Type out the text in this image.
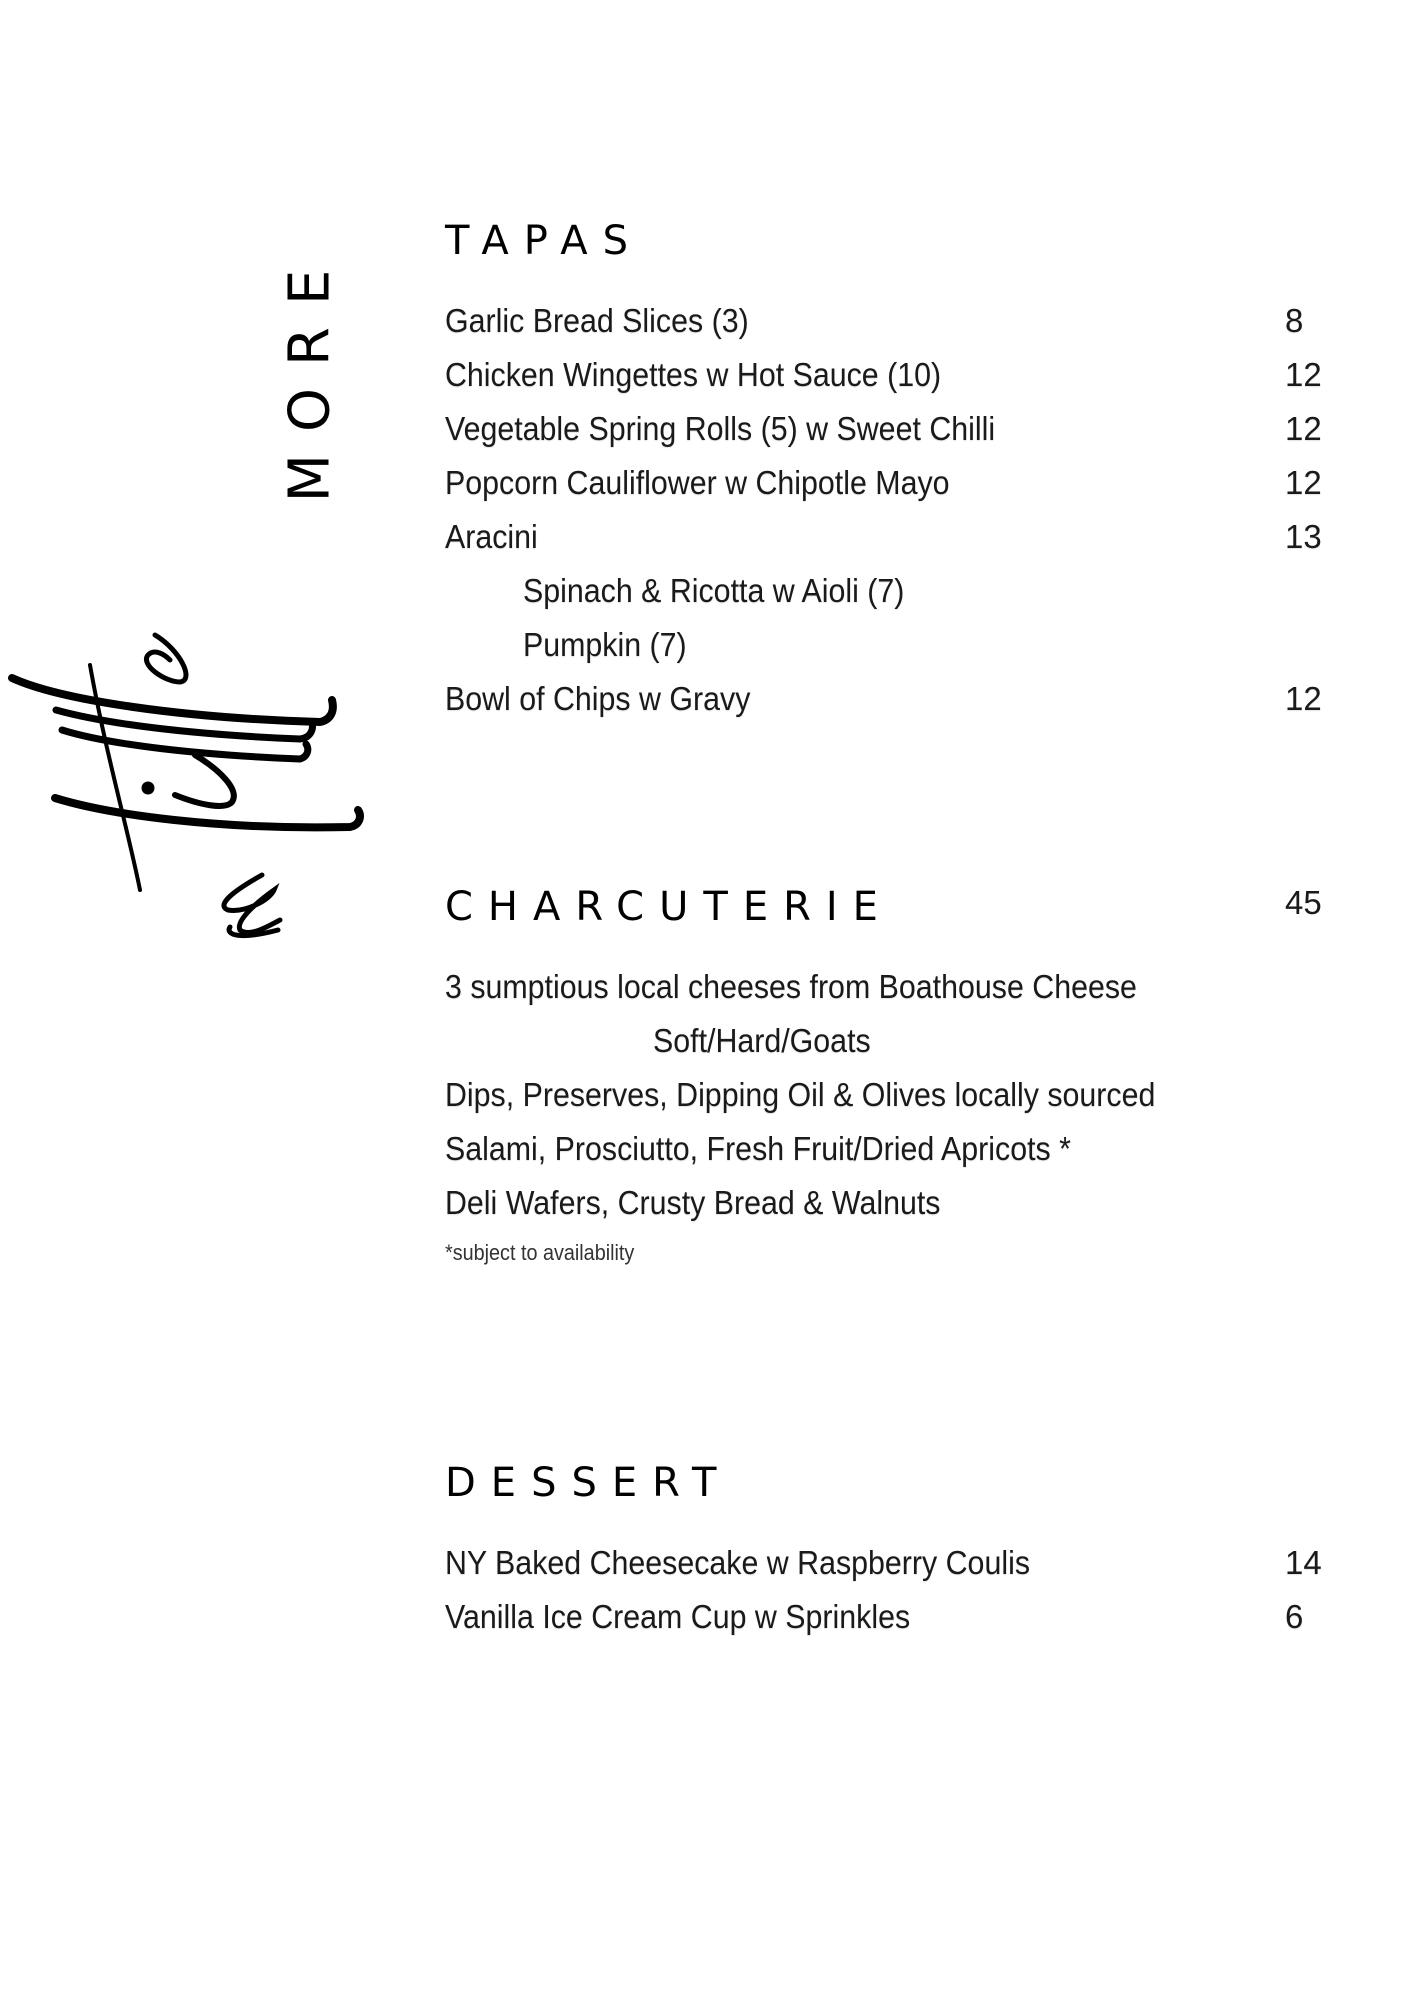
MORE
TAPAS
Garlic Bread Slices (3)	8
Chicken Wingettes w Hot Sauce (10)	12
Vegetable Spring Rolls (5) w Sweet Chilli	12
Popcorn Cauliflower w Chipotle Mayo	12
Aracini	13
Spinach & Ricotta w Aioli (7)
Pumpkin (7)
Bowl of Chips w Gravy	12
CHARCUTERIE	45
3 sumptious local cheeses from Boathouse Cheese
Soft/Hard/Goats
Dips, Preserves, Dipping Oil & Olives locally sourced
Salami, Prosciutto, Fresh Fruit/Dried Apricots *
Deli Wafers, Crusty Bread & Walnuts
*subject to availability
DESSERT
NY Baked Cheesecake w Raspberry Coulis	14
Vanilla Ice Cream Cup w Sprinkles	6
